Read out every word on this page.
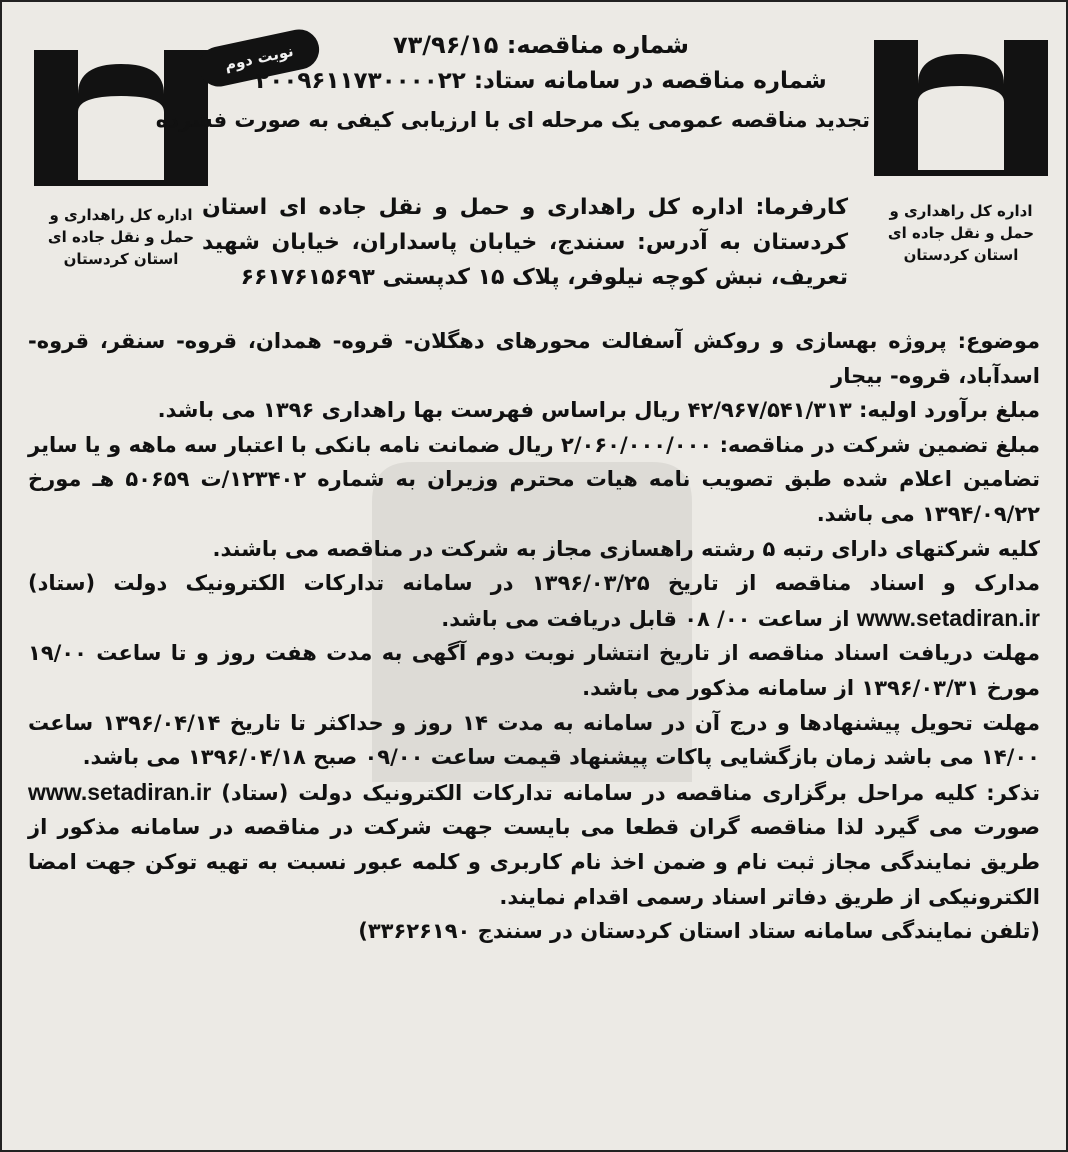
اداره کل راهداری و
حمل و نقل جاده ای
استان کردستان
اداره کل راهداری و
حمل و نقل جاده ای
استان کردستان
نوبت دوم	شماره مناقصه: ۷۳/۹۶/۱۵
شماره مناقصه در سامانه ستاد: ۲۰۰۹۶۱۱۷۳۰۰۰۰۲۲
تجدید مناقصه عمومی یک مرحله ای با ارزیابی کیفی به صورت فشرده
کارفرما: اداره کل راهداری و حمل و نقل جاده ای استان کردستان به آدرس: سنندج، خیابان پاسداران، خیابان شهید تعریف، نبش کوچه نیلوفر، پلاک ۱۵ کدپستی ۶۶۱۷۶۱۵۶۹۳

موضوع: پروژه بهسازی و روکش آسفالت محورهای دهگلان- قروه- همدان، قروه- سنقر، قروه- اسدآباد، قروه- بیجار

مبلغ برآورد اولیه: ۴۲/۹۶۷/۵۴۱/۳۱۳ ریال براساس فهرست بها راهداری ۱۳۹۶ می باشد.

مبلغ تضمین شرکت در مناقصه: ۲/۰۶۰/۰۰۰/۰۰۰ ریال ضمانت نامه بانکی با اعتبار سه ماهه و یا سایر تضامین اعلام شده طبق تصویب نامه هیات محترم وزیران به شماره ۱۲۳۴۰۲/ت ۵۰۶۵۹ هـ مورخ ۱۳۹۴/۰۹/۲۲ می باشد.

کلیه شرکتهای دارای رتبه ۵ رشته راهسازی مجاز به شرکت در مناقصه می باشند.

مدارک و اسناد مناقصه از تاریخ ۱۳۹۶/۰۳/۲۵ در سامانه تدارکات الکترونیک دولت (ستاد) www.setadiran.ir از ساعت ۰۰/ ۰۸ قابل دریافت می باشد.

مهلت دریافت اسناد مناقصه از تاریخ انتشار نوبت دوم آگهی به مدت هفت روز و تا ساعت ۱۹/۰۰ مورخ ۱۳۹۶/۰۳/۳۱ از سامانه مذکور می باشد.

مهلت تحویل پیشنهادها و درج آن در سامانه به مدت ۱۴ روز و حداکثر تا تاریخ ۱۳۹۶/۰۴/۱۴ ساعت ۱۴/۰۰ می باشد زمان بازگشایی پاکات پیشنهاد قیمت ساعت ۰۹/۰۰ صبح ۱۳۹۶/۰۴/۱۸ می باشد.

تذکر: کلیه مراحل برگزاری مناقصه در سامانه تدارکات الکترونیک دولت (ستاد) www.setadiran.ir صورت می گیرد لذا مناقصه گران قطعا می بایست جهت شرکت در مناقصه در سامانه مذکور از طریق نمایندگی مجاز ثبت نام و ضمن اخذ نام کاربری و کلمه عبور نسبت به تهیه توکن جهت امضا الکترونیکی از طریق دفاتر اسناد رسمی اقدام نمایند.

(تلفن نمایندگی سامانه ستاد استان کردستان در سنندج ۳۳۶۲۶۱۹۰)
